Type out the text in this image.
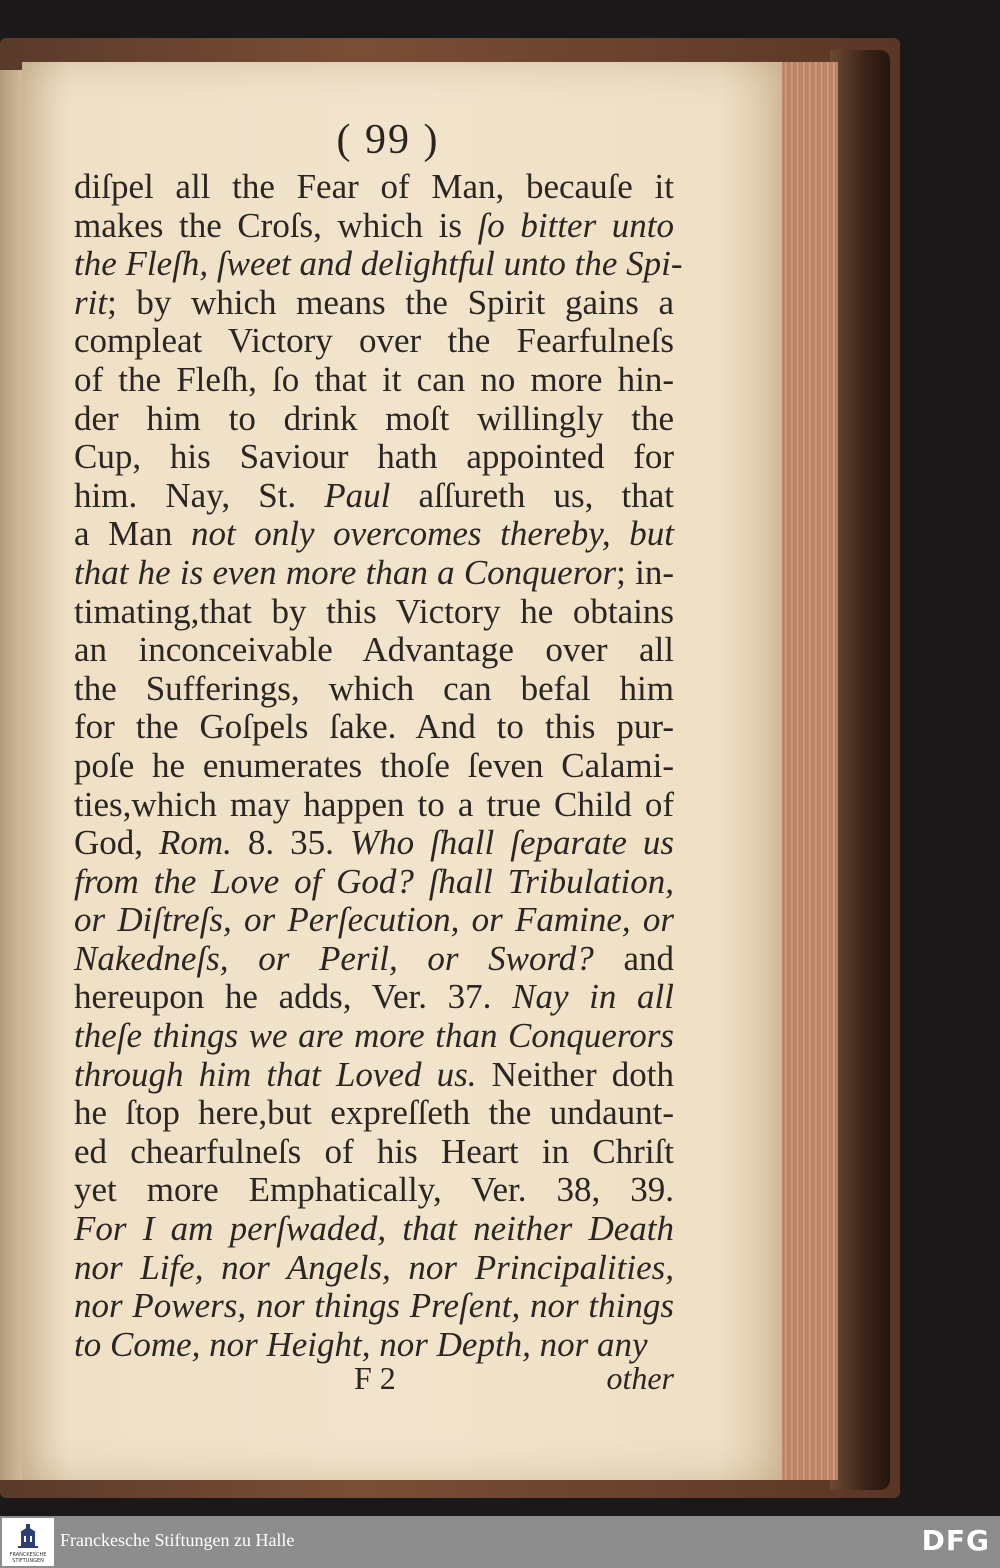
( 99 )
diſpel all the Fear of Man, becauſe it
makes the Croſs, which is ſo bitter unto
the Fleſh, ſweet and delightful unto the Spi-
rit; by which means the Spirit gains a
compleat Victory over the Fearfulneſs
of the Fleſh, ſo that it can no more hin-
der him to drink moſt willingly the
Cup, his Saviour hath appointed for
him. Nay, St. Paul aſſureth us, that
a Man not only overcomes thereby, but
that he is even more than a Conqueror; in-
timating,that by this Victory he obtains
an inconceivable Advantage over all
the Sufferings, which can befal him
for the Goſpels ſake. And to this pur-
poſe he enumerates thoſe ſeven Calami-
ties,which may happen to a true Child of
God, Rom. 8. 35. Who ſhall ſeparate us
from the Love of God? ſhall Tribulation,
or Diſtreſs, or Perſecution, or Famine, or
Nakedneſs, or Peril, or Sword? and
hereupon he adds, Ver. 37. Nay in all
theſe things we are more than Conquerors
through him that Loved us. Neither doth
he ſtop here,but expreſſeth the undaunt-
ed chearfulneſs of his Heart in Chriſt
yet more Emphatically, Ver. 38, 39.
For I am perſwaded, that neither Death
nor Life, nor Angels, nor Principalities,
nor Powers, nor things Preſent, nor things
to Come, nor Height, nor Depth, nor any
F 2	other
FRANCKESCHE STIFTUNGEN
Franckesche Stiftungen zu Halle	DFG
